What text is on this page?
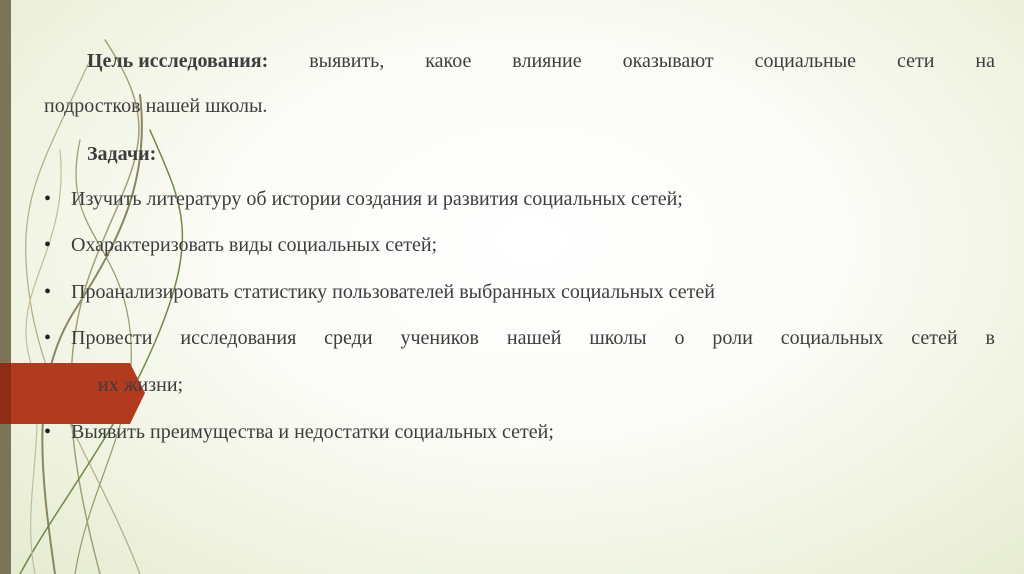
Цель исследования: выявить, какое влияние оказывают социальные сети на

подростков нашей школы.

Задачи:

• Изучить литературу об истории создания и развития социальных сетей;

• Охарактеризовать виды социальных сетей;

• Проанализировать статистику пользователей выбранных социальных сетей

• Провести исследования среди учеников нашей школы о роли социальных сетей в

их жизни;

• Выявить преимущества и недостатки социальных сетей;
